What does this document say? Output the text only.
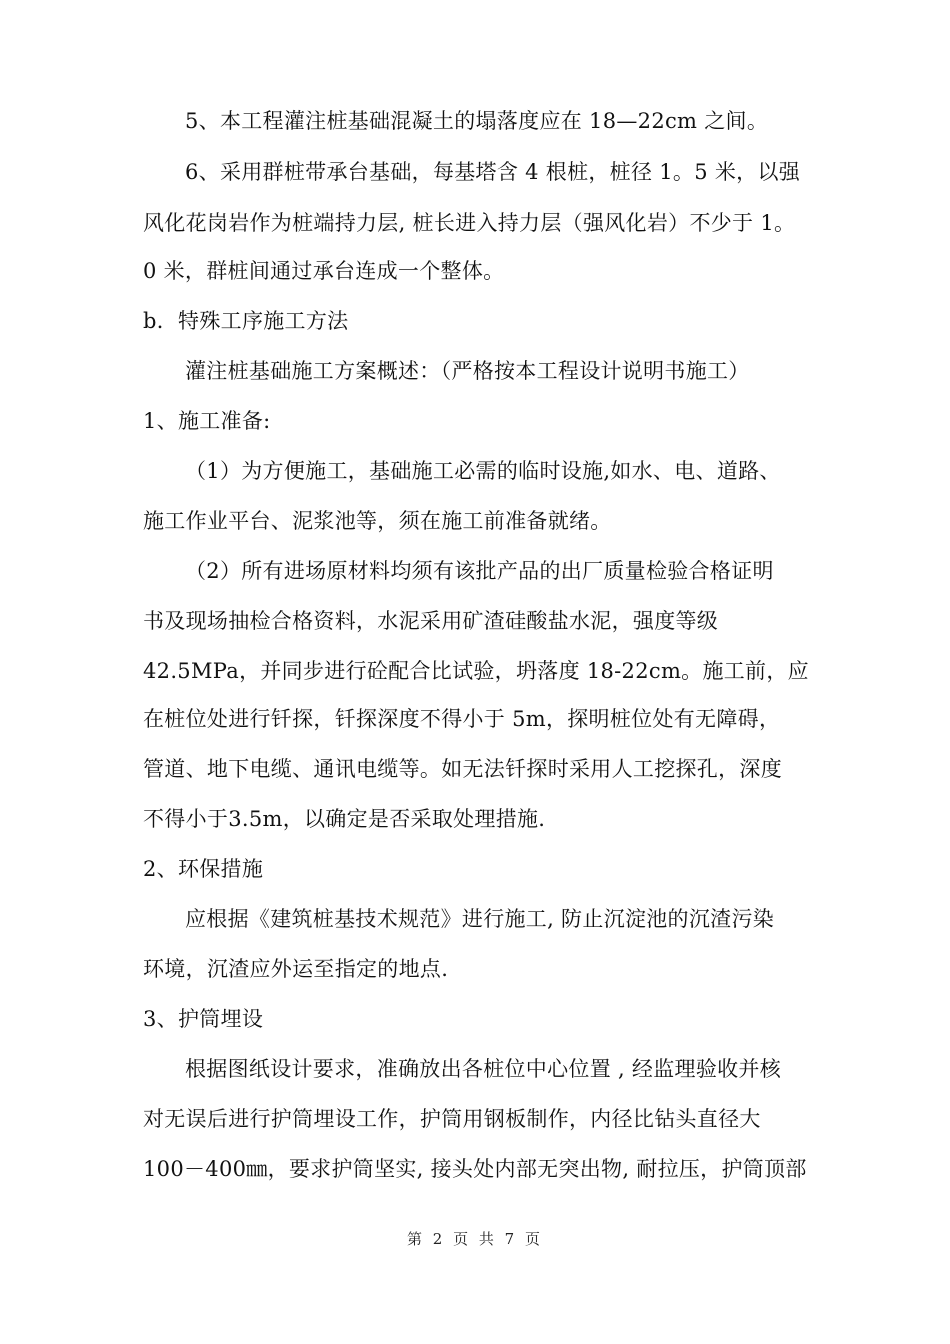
5、本工程灌注桩基础混凝土的塌落度应在 18—22cm 之间。
6、采用群桩带承台基础，每基塔含 4 根桩，桩径 1。5 米，以强
风化花岗岩作为桩端持力层, 桩长进入持力层（强风化岩）不少于 1。
0 米，群桩间通过承台连成一个整体。
b．特殊工序施工方法
灌注桩基础施工方案概述：（严格按本工程设计说明书施工）
1、施工准备:
（1）为方便施工，基础施工必需的临时设施,如水、电、道路、
施工作业平台、泥浆池等，须在施工前准备就绪。
（2）所有进场原材料均须有该批产品的出厂质量检验合格证明
书及现场抽检合格资料，水泥采用矿渣硅酸盐水泥，强度等级
42.5MPa，并同步进行砼配合比试验，坍落度 18-22cm。施工前，应
在桩位处进行钎探，钎探深度不得小于 5m，探明桩位处有无障碍，
管道、地下电缆、通讯电缆等。如无法钎探时采用人工挖探孔，深度
不得小于3.5m，以确定是否采取处理措施.
2、环保措施
应根据《建筑桩基技术规范》进行施工, 防止沉淀池的沉渣污染
环境，沉渣应外运至指定的地点.
3、护筒埋设
根据图纸设计要求，准确放出各桩位中心位置 , 经监理验收并核
对无误后进行护筒埋设工作，护筒用钢板制作，内径比钻头直径大
100－400㎜，要求护筒坚实, 接头处内部无突出物, 耐拉压，护筒顶部
第 2 页 共 7 页
